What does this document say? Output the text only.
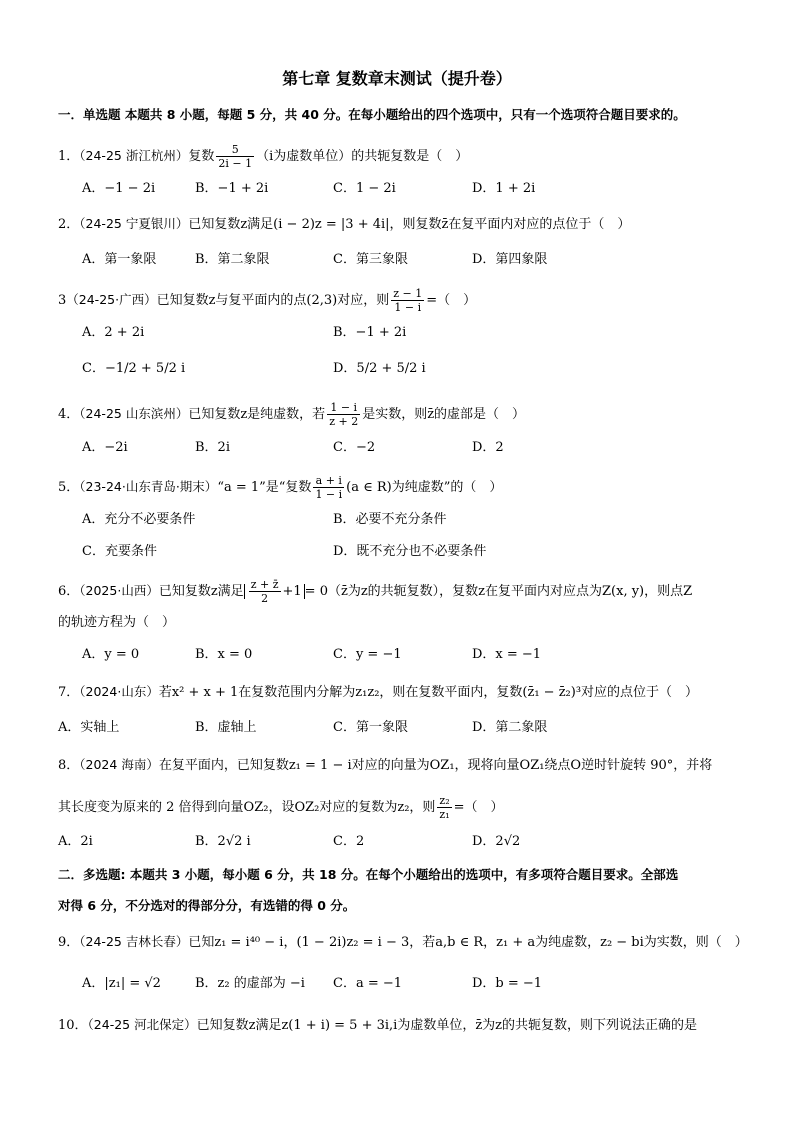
第七章 复数章末测试（提升卷）
一．单选题 本题共 8 小题，每题 5 分，共 40 分。在每小题给出的四个选项中，只有一个选项符合题目要求的。
1．（24-25 浙江杭州）复数 $\frac{5}{2i - 1} (i$为虚数单位）的共轭复数是（　）
A．−1 − 2i	B．−1 + 2i	C．1 − 2i	D．1 + 2i
2．（24-25 宁夏银川）已知复数z满足(i − 2)z = |3 + 4i|，则复数z̄在复平面内对应的点位于（　）
A．第一象限	B．第二象限	C．第三象限	D．第四象限
3（24-25·广西）已知复数z与复平面内的点(2,3)对应，则 $\frac{z - 1}{1 - i}$ =（　）
A．2 + 2i	B．−1 + 2i
C．−1/2 + 5/2 i	D．5/2 + 5/2 i
4．（24-25 山东滨州）已知复数z是纯虚数，若 $\frac{1 - i}{z + 2}$ 是实数，则z̄的虚部是（　）
A．−2i	B．2i	C．−2	D．2
5．（23-24·山东青岛·期末）“a = 1”是“复数 $\frac{a + i}{1 - i} (a$ ∈ R)为纯虚数”的（　）
A．充分不必要条件	B．必要不充分条件
C．充要条件	D．既不充分也不必要条件
6．（2025·山西）已知复数z满足 $\frac{z + z̄}{2} +1$ = 0（z̄为z的共轭复数），复数z在复平面内对应点为Z(x, y)，则点Z
的轨迹方程为（　）
A．y = 0	B．x = 0	C．y = −1	D．x = −1
7．（2024·山东）若x² + x + 1在复数范围内分解为z₁z₂，则在复数平面内，复数(z̄₁ − z̄₂)³对应的点位于（　）
A．实轴上	B．虚轴上	C．第一象限	D．第二象限
8．（2024 海南）在复平面内，已知复数z₁ = 1 − i对应的向量为OZ₁，现将向量OZ₁绕点O逆时针旋转 90°，并将
其长度变为原来的 2 倍得到向量OZ₂，设OZ₂对应的复数为z₂，则 $\frac{\text{z₂}}{\text{z₁}}$ =（　）
A．2i	B．2√2 i	C．2	D．2√2
二．多选题: 本题共 3 小题，每小题 6 分，共 18 分。在每个小题给出的选项中，有多项符合题目要求。全部选
对得 6 分，不分选对的得部分分，有选错的得 0 分。
9．（24-25 吉林长春）已知z₁ = i⁴⁰ − i，(1 − 2i)z₂ = i − 3，若a,b ∈ R，z₁ + a为纯虚数，z₂ − bi为实数，则（　）
A．|z₁| = √2	B．z₂ 的虚部为 −i C．a = −1	D．b = −1
10．（24-25 河北保定）已知复数z满足z(1 + i) = 5 + 3i,i为虚数单位，z̄为z的共轭复数，则下列说法正确的是
